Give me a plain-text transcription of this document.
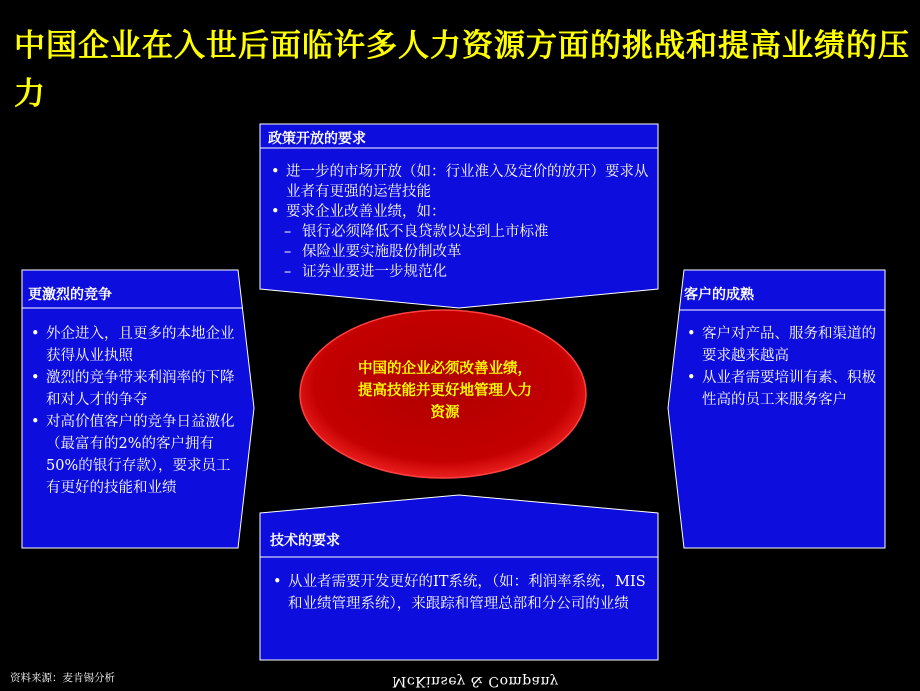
中国企业在入世后面临许多人力资源方面的挑战和提高业绩的压力
政策开放的要求
• 进一步的市场开放（如：行业准入及定价的放开）要求从业者有更强的运营技能
• 要求企业改善业绩，如：
– 银行必须降低不良贷款以达到上市标准
– 保险业要实施股份制改革
– 证券业要进一步规范化
更激烈的竞争
• 外企进入，且更多的本地企业获得从业执照
• 激烈的竞争带来利润率的下降和对人才的争夺
• 对高价值客户的竞争日益激化（最富有的2%的客户拥有50%的银行存款），要求员工有更好的技能和业绩
客户的成熟
• 客户对产品、服务和渠道的要求越来越高
• 从业者需要培训有素、积极性高的员工来服务客户
技术的要求
• 从业者需要开发更好的IT系统，（如：利润率系统，MIS和业绩管理系统），来跟踪和管理总部和分公司的业绩
中国的企业必须改善业绩，提高技能并更好地管理人力资源
资料来源：麦肯锡分析	McKinsey & Company
